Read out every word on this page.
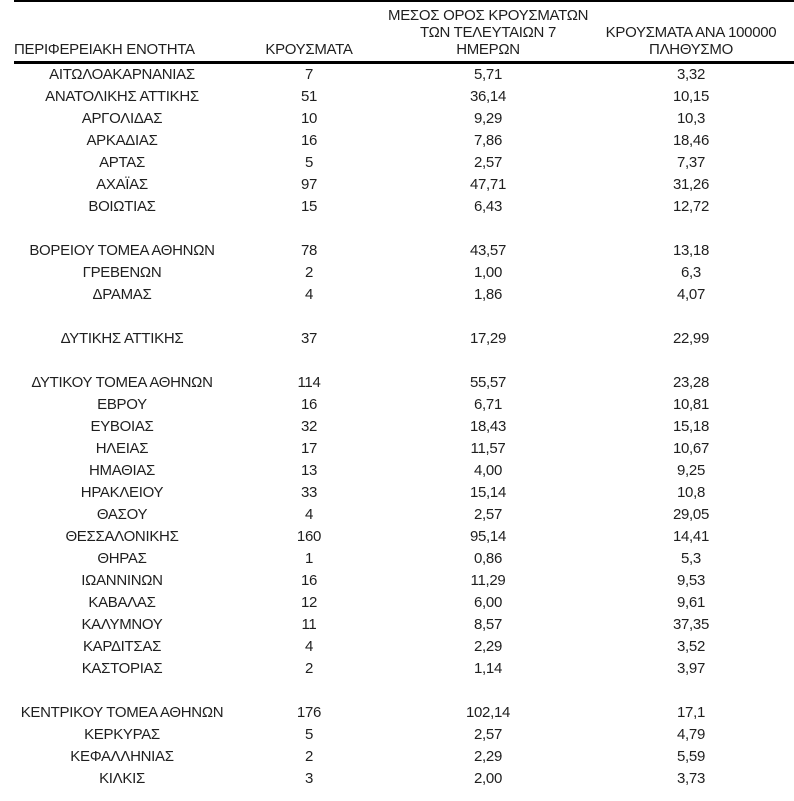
ΠΕΡΙΦΕΡΕΙΑΚΗ ΕΝΟΤΗΤΑ	ΚΡΟΥΣΜΑΤΑ	ΜΕΣΟΣ ΟΡΟΣ ΚΡΟΥΣΜΑΤΩΝ
ΤΩΝ ΤΕΛΕΥΤΑΙΩΝ 7
ΗΜΕΡΩΝ	ΚΡΟΥΣΜΑΤΑ ΑΝΑ 100000
ΠΛΗΘΥΣΜΟ

ΑΙΤΩΛΟΑΚΑΡΝΑΝΙΑΣ	7	5,71	3,32
ΑΝΑΤΟΛΙΚΗΣ ΑΤΤΙΚΗΣ	51	36,14	10,15
ΑΡΓΟΛΙΔΑΣ	10	9,29	10,3
ΑΡΚΑΔΙΑΣ	16	7,86	18,46
ΑΡΤΑΣ	5	2,57	7,37
ΑΧΑΪΑΣ	97	47,71	31,26
ΒΟΙΩΤΙΑΣ	15	6,43	12,72

ΒΟΡΕΙΟΥ ΤΟΜΕΑ ΑΘΗΝΩΝ	78	43,57	13,18
ΓΡΕΒΕΝΩΝ	2	1,00	6,3
ΔΡΑΜΑΣ	4	1,86	4,07

ΔΥΤΙΚΗΣ ΑΤΤΙΚΗΣ	37	17,29	22,99

ΔΥΤΙΚΟΥ ΤΟΜΕΑ ΑΘΗΝΩΝ	114	55,57	23,28
ΕΒΡΟΥ	16	6,71	10,81
ΕΥΒΟΙΑΣ	32	18,43	15,18
ΗΛΕΙΑΣ	17	11,57	10,67
ΗΜΑΘΙΑΣ	13	4,00	9,25
ΗΡΑΚΛΕΙΟΥ	33	15,14	10,8
ΘΑΣΟΥ	4	2,57	29,05
ΘΕΣΣΑΛΟΝΙΚΗΣ	160	95,14	14,41
ΘΗΡΑΣ	1	0,86	5,3
ΙΩΑΝΝΙΝΩΝ	16	11,29	9,53
ΚΑΒΑΛΑΣ	12	6,00	9,61
ΚΑΛΥΜΝΟΥ	11	8,57	37,35
ΚΑΡΔΙΤΣΑΣ	4	2,29	3,52
ΚΑΣΤΟΡΙΑΣ	2	1,14	3,97

ΚΕΝΤΡΙΚΟΥ ΤΟΜΕΑ ΑΘΗΝΩΝ	176	102,14	17,1
ΚΕΡΚΥΡΑΣ	5	2,57	4,79
ΚΕΦΑΛΛΗΝΙΑΣ	2	2,29	5,59
ΚΙΛΚΙΣ	3	2,00	3,73
